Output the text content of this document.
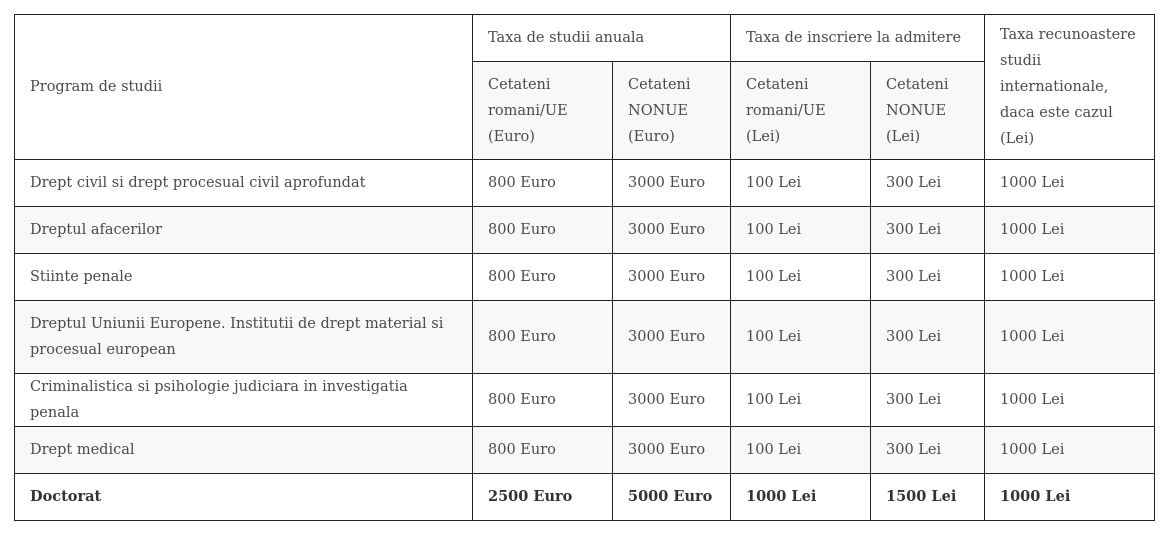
Program de studii	Taxa de studii anuala		Taxa de inscriere la admitere		Taxa recunoastere studii internationale, daca este cazul (Lei)
	Cetateni romani/UE (Euro)	Cetateni NONUE (Euro)	Cetateni romani/UE (Lei)	Cetateni NONUE (Lei)	
Drept civil si drept procesual civil aprofundat	800 Euro	3000 Euro	100 Lei	300 Lei	1000 Lei
Dreptul afacerilor	800 Euro	3000 Euro	100 Lei	300 Lei	1000 Lei
Stiinte penale	800 Euro	3000 Euro	100 Lei	300 Lei	1000 Lei
Dreptul Uniunii Europene. Institutii de drept material si procesual european	800 Euro	3000 Euro	100 Lei	300 Lei	1000 Lei
Criminalistica si psihologie judiciara in investigatia penala	800 Euro	3000 Euro	100 Lei	300 Lei	1000 Lei
Drept medical	800 Euro	3000 Euro	100 Lei	300 Lei	1000 Lei
Doctorat	2500 Euro	5000 Euro	1000 Lei	1500 Lei	1000 Lei
